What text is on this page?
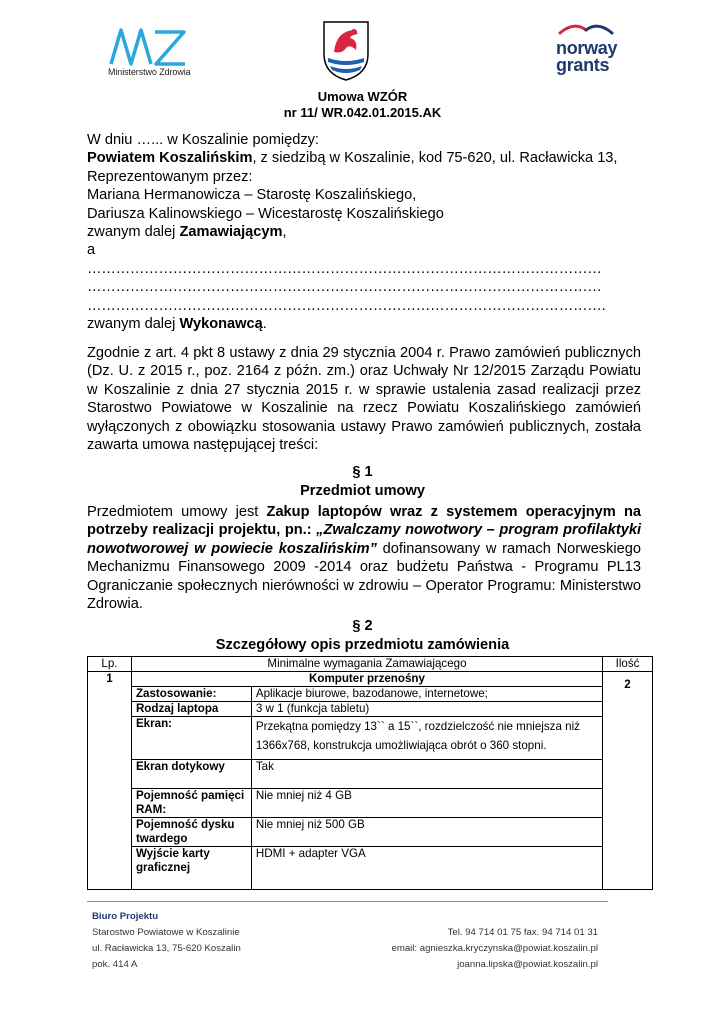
Ministerstwo Zdrowia
norway
grants
Umowa WZÓR
nr 11/ WR.042.01.2015.AK
W dniu …... w Koszalinie pomiędzy:
Powiatem Koszalińskim, z siedzibą w Koszalinie, kod 75-620, ul. Racławicka 13,
Reprezentowanym przez:
Mariana Hermanowicza – Starostę Koszalińskiego,
Dariusza Kalinowskiego – Wicestarostę Koszalińskiego
zwanym dalej Zamawiającym,
a
………………………………………………………………………………………………
………………………………………………………………………………………………
……………………………………………………………………………………………….
zwanym dalej Wykonawcą.
Zgodnie z art. 4 pkt 8 ustawy z dnia 29 stycznia 2004 r. Prawo zamówień publicznych (Dz. U. z 2015 r., poz. 2164 z późn. zm.) oraz Uchwały Nr 12/2015 Zarządu Powiatu w Koszalinie z dnia 27 stycznia 2015 r. w sprawie ustalenia zasad realizacji przez Starostwo Powiatowe w Koszalinie na rzecz Powiatu Koszalińskiego zamówień wyłączonych z obowiązku stosowania ustawy Prawo zamówień publicznych, została zawarta umowa następującej treści:
§ 1
Przedmiot umowy
Przedmiotem umowy jest Zakup laptopów wraz z systemem operacyjnym na potrzeby realizacji projektu, pn.: „Zwalczamy nowotwory – program profilaktyki nowotworowej w powiecie koszalińskim” dofinansowany w ramach Norweskiego Mechanizmu Finansowego 2009 -2014 oraz budżetu Państwa - Programu PL13 Ograniczanie społecznych nierówności w zdrowiu – Operator Programu: Ministerstwo Zdrowia.
§ 2
Szczegółowy opis przedmiotu zamówienia
Lp.	Minimalne wymagania Zamawiającego		Ilość
1	Komputer przenośny		2
	Zastosowanie:	Aplikacje biurowe, bazodanowe, internetowe;	
	Rodzaj laptopa	3 w 1 (funkcja tabletu)	
	Ekran:	Przekątna pomiędzy 13`` a 15``, rozdzielczość nie mniejsza niż 1366x768, konstrukcja umożliwiająca obrót o 360 stopni.	
	Ekran dotykowy	Tak	
	Pojemność pamięci RAM:	Nie mniej niż 4 GB	
	Pojemność dysku twardego	Nie mniej niż 500 GB	
	Wyjście karty graficznej	HDMI + adapter VGA	
Biuro Projektu
Starostwo Powiatowe w Koszalinie
ul. Racławicka 13, 75-620 Koszalin
pok. 414 A

Tel. 94 714 01 75 fax. 94 714 01 31
email: agnieszka.kryczynska@powiat.koszalin.pl
joanna.lipska@powiat.koszalin.pl
